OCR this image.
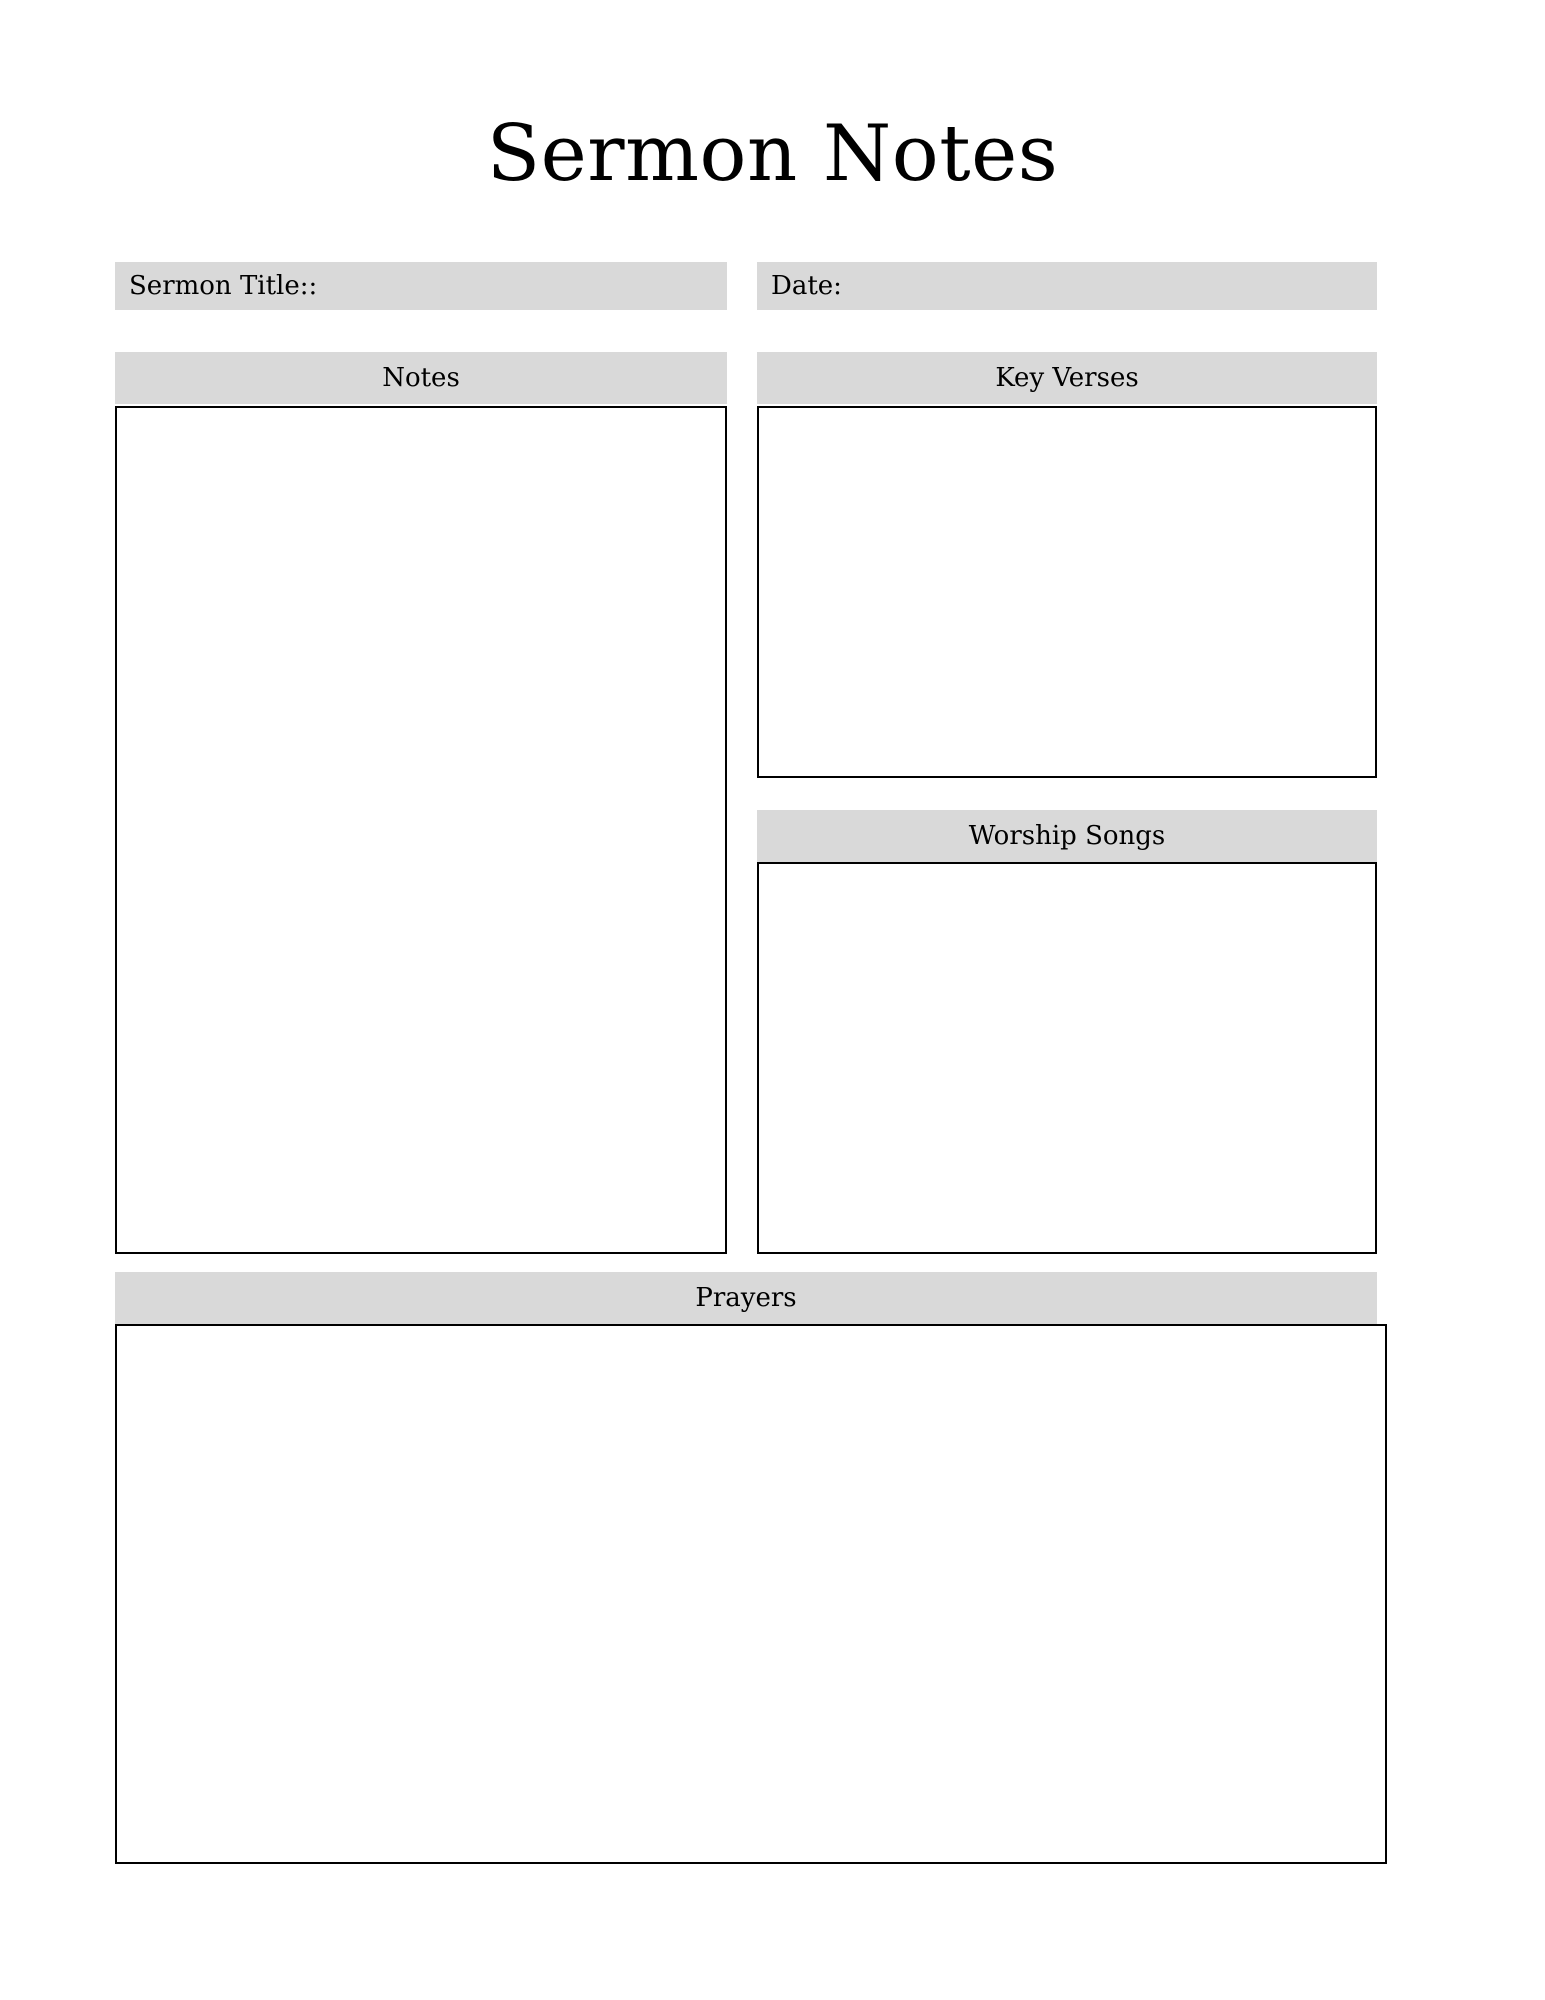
Sermon Notes
Sermon Title::	Date:
Notes	Key Verses
Worship Songs
Prayers
